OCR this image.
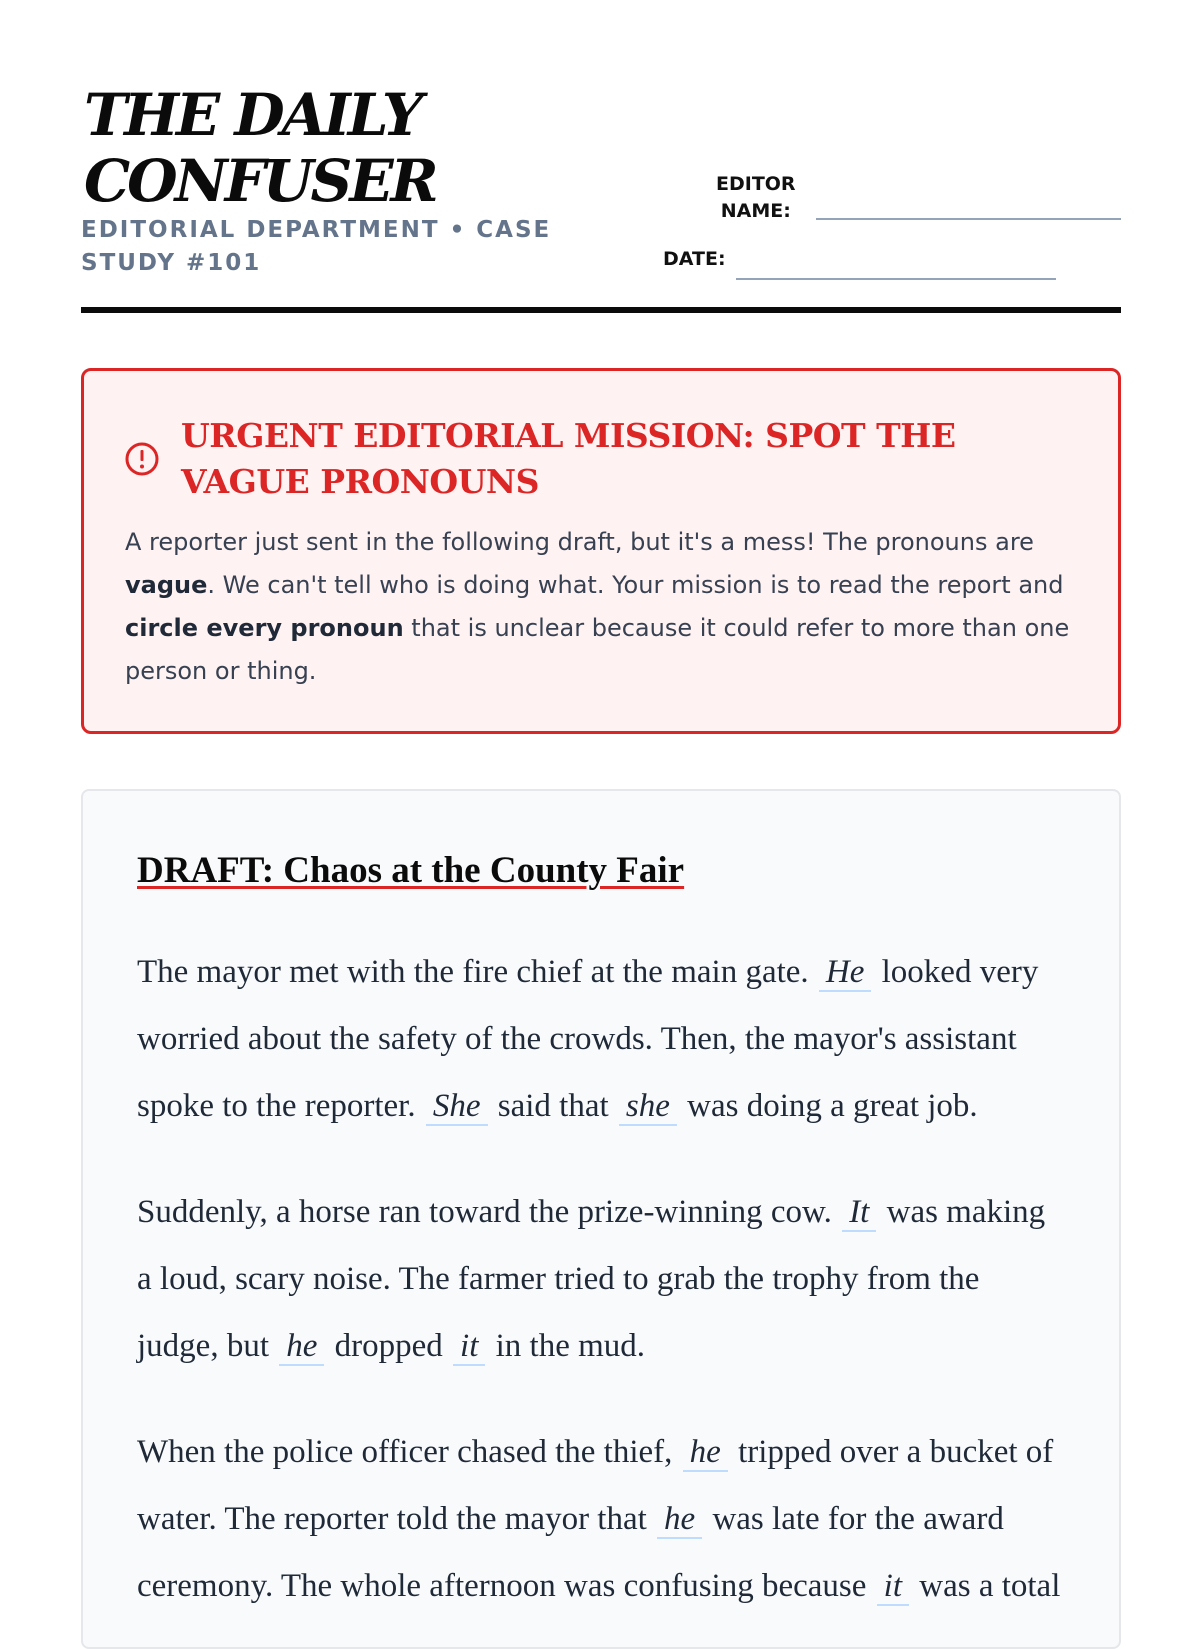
THE DAILY
CONFUSER
EDITORIAL DEPARTMENT • CASE STUDY #101
EDITOR
NAME:
DATE:
URGENT EDITORIAL MISSION: SPOT THE VAGUE PRONOUNS
A reporter just sent in the following draft, but it's a mess! The pronouns are vague. We can't tell who is doing what. Your mission is to read the report and circle every pronoun that is unclear because it could refer to more than one person or thing.
DRAFT: Chaos at the County Fair

The mayor met with the fire chief at the main gate. He looked very worried about the safety of the crowds. Then, the mayor's assistant spoke to the reporter. She said that she was doing a great job.

Suddenly, a horse ran toward the prize-winning cow. It was making a loud, scary noise. The farmer tried to grab the trophy from the judge, but he dropped it in the mud.

When the police officer chased the thief, he tripped over a bucket of water. The reporter told the mayor that he was late for the award ceremony. The whole afternoon was confusing because it was a total
